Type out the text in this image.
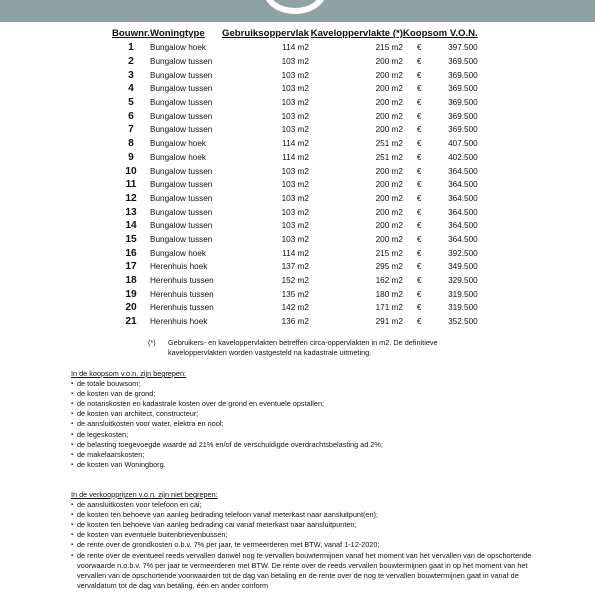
Bouwnr.	Woningtype	Gebruiksoppervlak	Kaveloppervlakte (*)	Koopsom V.O.N.	
1	Bungalow hoek	114 m2	215 m2	€	397.500
2	Bungalow tussen	103 m2	200 m2	€	369.500
3	Bungalow tussen	103 m2	200 m2	€	369.500
4	Bungalow tussen	103 m2	200 m2	€	369.500
5	Bungalow tussen	103 m2	200 m2	€	369.500
6	Bungalow tussen	103 m2	200 m2	€	369.500
7	Bungalow tussen	103 m2	200 m2	€	369.500
8	Bungalow hoek	114 m2	251 m2	€	407.500
9	Bungalow hoek	114 m2	251 m2	€	402.500
10	Bungalow tussen	103 m2	200 m2	€	364.500
11	Bungalow tussen	103 m2	200 m2	€	364.500
12	Bungalow tussen	103 m2	200 m2	€	364.500
13	Bungalow tussen	103 m2	200 m2	€	364.500
14	Bungalow tussen	103 m2	200 m2	€	364.500
15	Bungalow tussen	103 m2	200 m2	€	364.500
16	Bungalow hoek	114 m2	215 m2	€	392.500
17	Herenhuis hoek	137 m2	295 m2	€	349.500
18	Herenhuis tussen	152 m2	162 m2	€	329.500
19	Herenhuis tussen	135 m2	180 m2	€	319.500
20	Herenhuis tussen	142 m2	171 m2	€	319.500
21	Herenhuis hoek	136 m2	291 m2	€	352.500
(*) Gebruikers- en kaveloppervlakten betreffen circa-oppervlakten in m2. De definitieve kaveloppervlakten worden vastgesteld na kadastrale uitmeting.
In de koopsom v.o.n. zijn begrepen:
▪ de totale bouwsom;
▪ de kosten van de grond;
▪ de notariskosten en kadastrale kosten over de grond en eventuele opstallen;
▪ de kosten van architect, constructeur;
▪ de aansluitkosten voor water, elektra en riool;
▪ de legeskosten;
▪ de belasting toegevoegde waarde ad 21% en/of de verschuldigde overdrachtsbelasting ad 2%;
▪ de makelaarskosten;
▪ de kosten van Woningborg.
In de verkoopprijzen v.o.n. zijn niet begrepen:
▪ de aansluitkosten voor telefoon en cai;
▪ de kosten ten behoeve van aanleg bedrading telefoon vanaf meterkast naar aansluitpunt(en);
▪ de kosten ten behoeve van aanleg bedrading cai vanaf meterkast naar aansluitpunten;
▪ de kosten van eventuele buitenbrievenbussen;
▪ de rente over de grondkosten o.b.v. 7% per jaar, te vermeerderen met BTW, vanaf 1-12-2020;
▪ de rente over de eventueel reeds vervallen danwel nog te vervallen bouwtermijnen vanaf het moment van het vervallen van de opschortende voorwaarde n.o.b.v. 7% per jaar te vermeerderen met BTW. De rente over de reeds vervallen bouwtermijnen gaat in op het moment van het vervallen van de opschortende voorwaarden tot de dag van betaling en de rente over de nog te vervallen bouwtermijnen gaat in vanaf de vervaldatum tot de dag van betaling, één en ander conform
